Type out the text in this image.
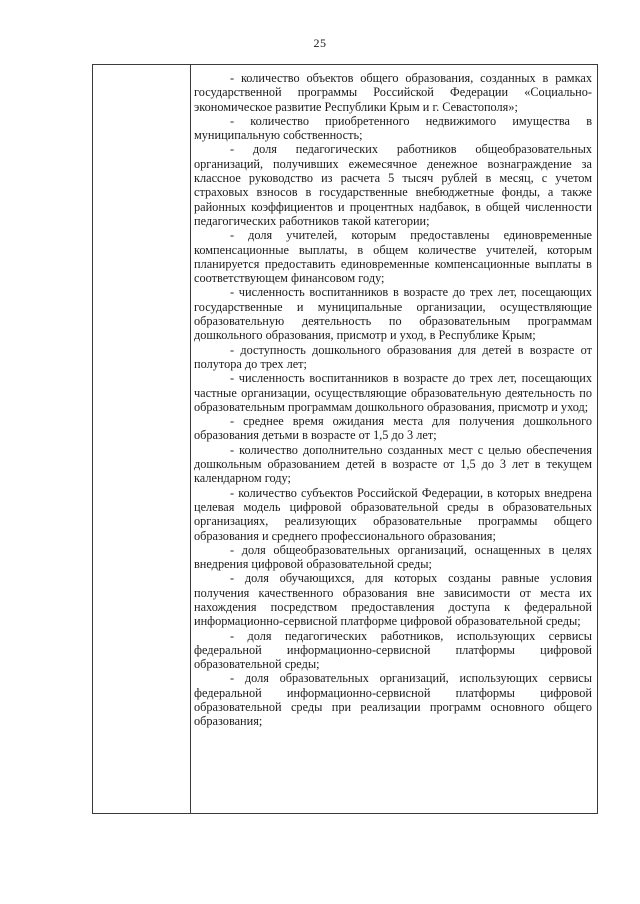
25

- количество объектов общего образования, созданных в рамках государственной программы Российской Федерации «Социально-экономическое развитие Республики Крым и г. Севастополя»;

- количество приобретенного недвижимого имущества в муниципальную собственность;

- доля педагогических работников общеобразовательных организаций, получивших ежемесячное денежное вознаграждение за классное руководство из расчета 5 тысяч рублей в месяц, с учетом страховых взносов в государственные внебюджетные фонды, а также районных коэффициентов и процентных надбавок, в общей численности педагогических работников такой категории;

- доля учителей, которым предоставлены единовременные компенсационные выплаты, в общем количестве учителей, которым планируется предоставить единовременные компенсационные выплаты в соответствующем финансовом году;

- численность воспитанников в возрасте до трех лет, посещающих государственные и муниципальные организации, осуществляющие образовательную деятельность по образовательным программам дошкольного образования, присмотр и уход, в Республике Крым;

- доступность дошкольного образования для детей в возрасте от полутора до трех лет;

- численность воспитанников в возрасте до трех лет, посещающих частные организации, осуществляющие образовательную деятельность по образовательным программам дошкольного образования, присмотр и уход;

- среднее время ожидания места для получения дошкольного образования детьми в возрасте от 1,5 до 3 лет;

- количество дополнительно созданных мест с целью обеспечения дошкольным образованием детей в возрасте от 1,5 до 3 лет в текущем календарном году;

- количество субъектов Российской Федерации, в которых внедрена целевая модель цифровой образовательной среды в образовательных организациях, реализующих образовательные программы общего образования и среднего профессионального образования;

- доля общеобразовательных организаций, оснащенных в целях внедрения цифровой образовательной среды;

- доля обучающихся, для которых созданы равные условия получения качественного образования вне зависимости от места их нахождения посредством предоставления доступа к федеральной информационно-сервисной платформе цифровой образовательной среды;

- доля педагогических работников, использующих сервисы федеральной информационно-сервисной платформы цифровой образовательной среды;

- доля образовательных организаций, использующих сервисы федеральной информационно-сервисной платформы цифровой образовательной среды при реализации программ основного общего образования;
